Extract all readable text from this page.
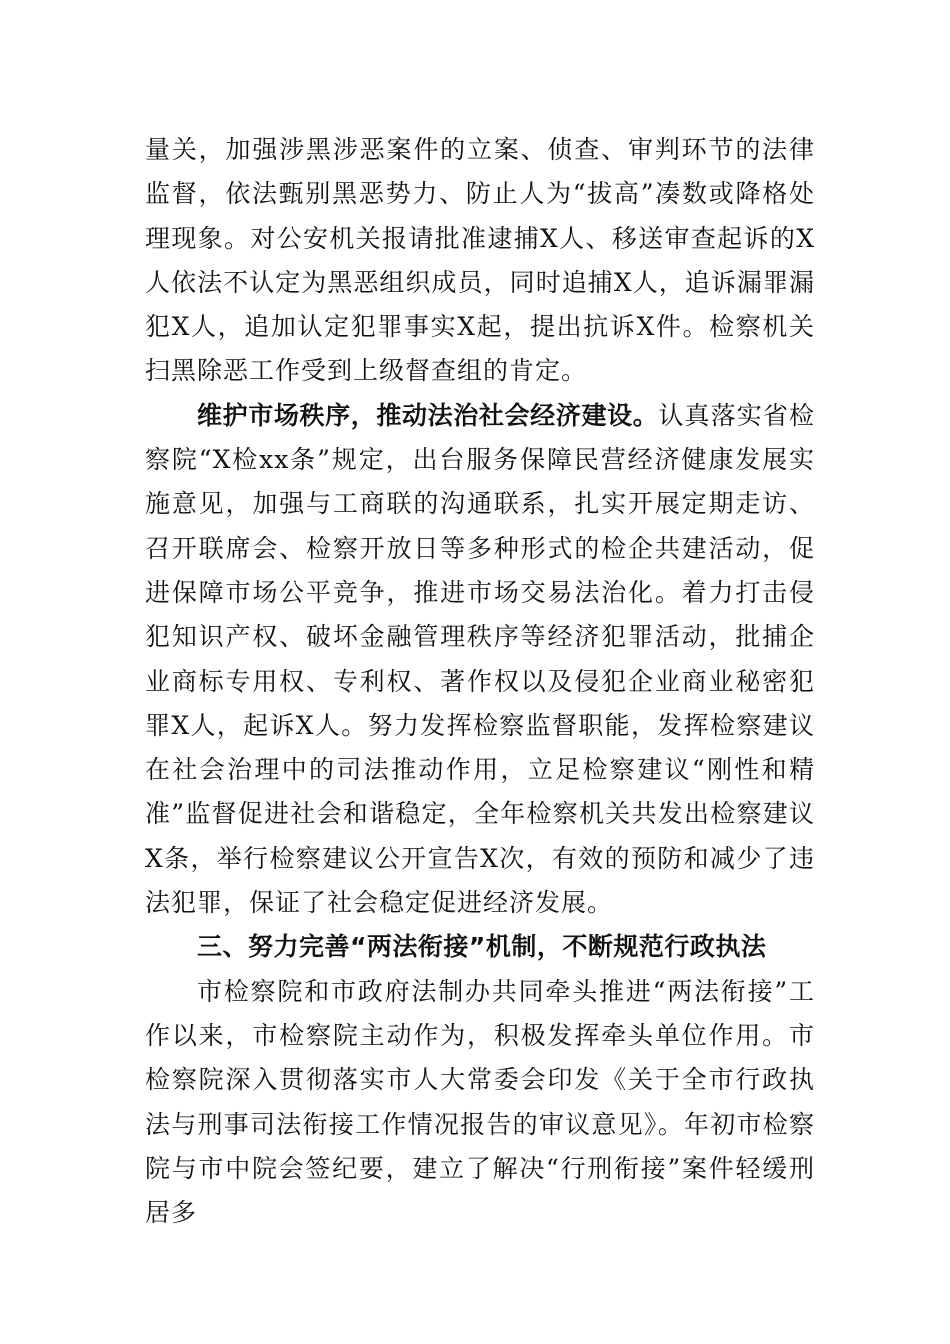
量关，加强涉黑涉恶案件的立案、侦查、审判环节的法律监督，依法甄别黑恶势力、防止人为“拔高”凑数或降格处理现象。对公安机关报请批准逮捕X人、移送审查起诉的X人依法不认定为黑恶组织成员，同时追捕X人，追诉漏罪漏犯X人，追加认定犯罪事实X起，提出抗诉X件。检察机关扫黑除恶工作受到上级督查组的肯定。

维护市场秩序，推动法治社会经济建设。认真落实省检察院“X检xx条”规定，出台服务保障民营经济健康发展实施意见，加强与工商联的沟通联系，扎实开展定期走访、召开联席会、检察开放日等多种形式的检企共建活动，促进保障市场公平竞争，推进市场交易法治化。着力打击侵犯知识产权、破坏金融管理秩序等经济犯罪活动，批捕企业商标专用权、专利权、著作权以及侵犯企业商业秘密犯罪X人，起诉X人。努力发挥检察监督职能，发挥检察建议在社会治理中的司法推动作用，立足检察建议“刚性和精准”监督促进社会和谐稳定，全年检察机关共发出检察建议X条，举行检察建议公开宣告X次，有效的预防和减少了违法犯罪，保证了社会稳定促进经济发展。

三、努力完善“两法衔接”机制，不断规范行政执法

市检察院和市政府法制办共同牵头推进“两法衔接”工作以来，市检察院主动作为，积极发挥牵头单位作用。市检察院深入贯彻落实市人大常委会印发《关于全市行政执法与刑事司法衔接工作情况报告的审议意见》。年初市检察院与市中院会签纪要，建立了解决“行刑衔接”案件轻缓刑居多
